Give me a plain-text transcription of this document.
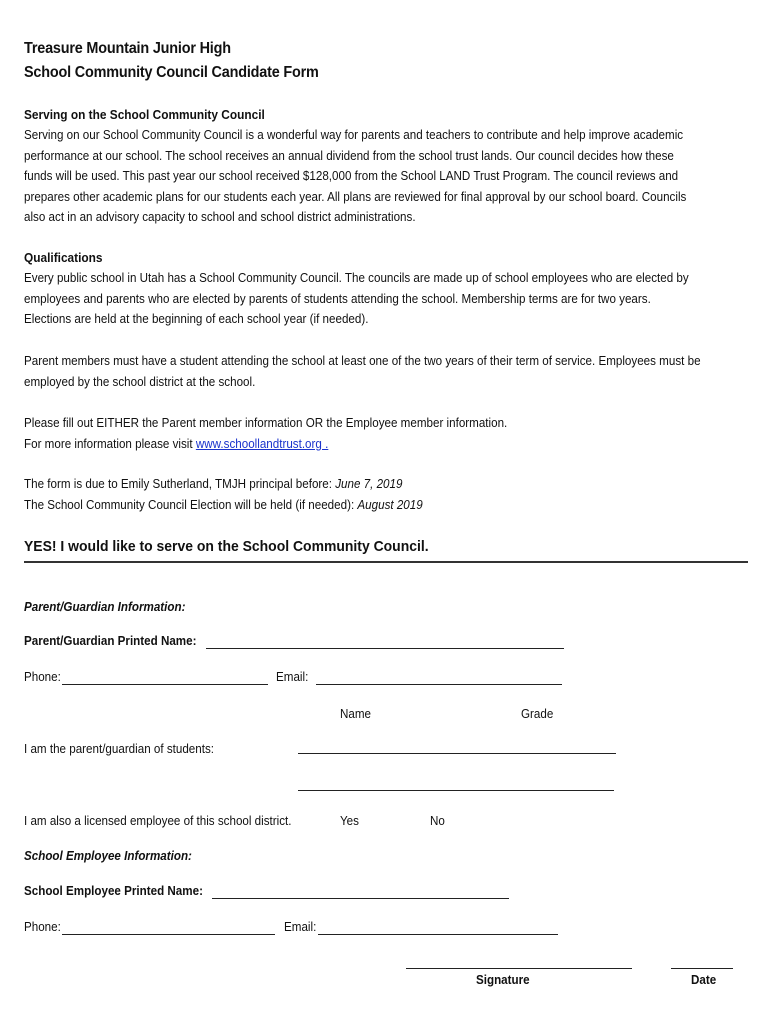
Treasure Mountain Junior High
School Community Council Candidate Form
Serving on the School Community Council
Serving on our School Community Council is a wonderful way for parents and teachers to contribute and help improve academic
performance at our school. The school receives an annual dividend from the school trust lands. Our council decides how these
funds will be used. This past year our school received $128,000 from the School LAND Trust Program. The council reviews and
prepares other academic plans for our students each year. All plans are reviewed for final approval by our school board. Councils
also act in an advisory capacity to school and school district administrations.
Qualifications
Every public school in Utah has a School Community Council. The councils are made up of school employees who are elected by
employees and parents who are elected by parents of students attending the school. Membership terms are for two years.
Elections are held at the beginning of each school year (if needed).
Parent members must have a student attending the school at least one of the two years of their term of service. Employees must be
employed by the school district at the school.
Please fill out EITHER the Parent member information OR the Employee member information.
For more information please visit www.schoollandtrust.org .
The form is due to Emily Sutherland, TMJH principal before: June 7, 2019
The School Community Council Election will be held (if needed): August 2019
YES! I would like to serve on the School Community Council.
Parent/Guardian Information:
Parent/Guardian Printed Name:
Phone:	Email:
Name	Grade
I am the parent/guardian of students:
I am also a licensed employee of this school district.	Yes	No
School Employee Information:
School Employee Printed Name:
Phone:	Email:
Signature	Date
